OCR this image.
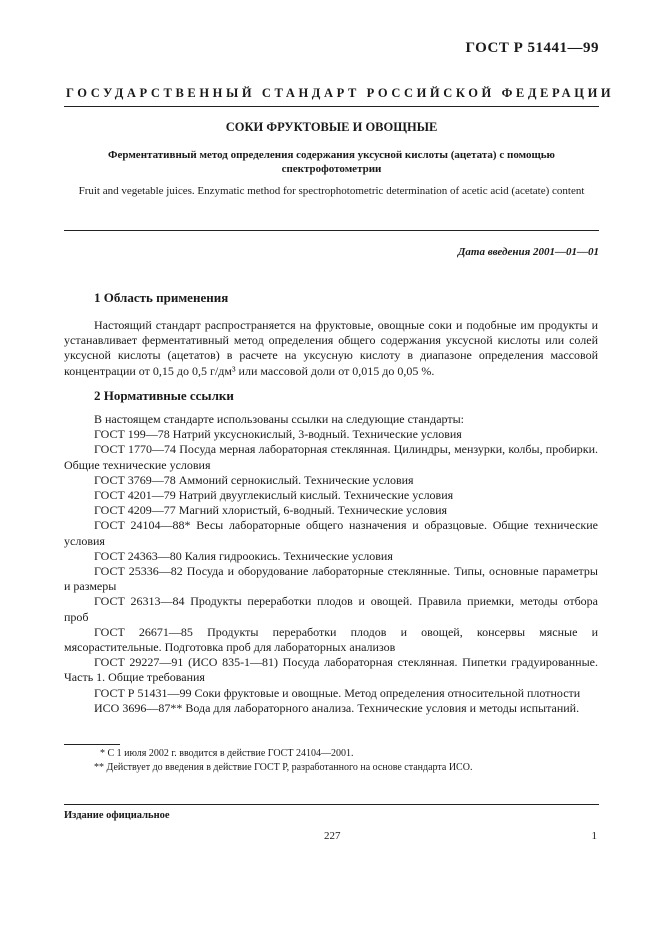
ГОСТ Р 51441—99
ГОСУДАРСТВЕННЫЙ СТАНДАРТ РОССИЙСКОЙ ФЕДЕРАЦИИ
СОКИ ФРУКТОВЫЕ И ОВОЩНЫЕ
Ферментативный метод определения содержания уксусной кислоты (ацетата) с помощью спектрофотометрии
Fruit and vegetable juices. Enzymatic method for spectrophotometric determination of acetic acid (acetate) content
Дата введения 2001—01—01
1 Область применения

Настоящий стандарт распространяется на фруктовые, овощные соки и подобные им продукты и устанавливает ферментативный метод определения общего содержания уксусной кислоты или солей уксусной кислоты (ацетатов) в расчете на уксусную кислоту в диапазоне определения массовой концентрации от 0,15 до 0,5 г/дм³ или массовой доли от 0,015 до 0,05 %.

2 Нормативные ссылки

В настоящем стандарте использованы ссылки на следующие стандарты:

ГОСТ 199—78 Натрий уксуснокислый, 3-водный. Технические условия

ГОСТ 1770—74 Посуда мерная лабораторная стеклянная. Цилиндры, мензурки, колбы, пробирки. Общие технические условия

ГОСТ 3769—78 Аммоний сернокислый. Технические условия

ГОСТ 4201—79 Натрий двууглекислый кислый. Технические условия

ГОСТ 4209—77 Магний хлористый, 6-водный. Технические условия

ГОСТ 24104—88* Весы лабораторные общего назначения и образцовые. Общие технические условия

ГОСТ 24363—80 Калия гидроокись. Технические условия

ГОСТ 25336—82 Посуда и оборудование лабораторные стеклянные. Типы, основные параметры и размеры

ГОСТ 26313—84 Продукты переработки плодов и овощей. Правила приемки, методы отбора проб

ГОСТ 26671—85 Продукты переработки плодов и овощей, консервы мясные и мясорастительные. Подготовка проб для лабораторных анализов

ГОСТ 29227—91 (ИСО 835-1—81) Посуда лабораторная стеклянная. Пипетки градуированные. Часть 1. Общие требования

ГОСТ Р 51431—99 Соки фруктовые и овощные. Метод определения относительной плотности

ИСО 3696—87** Вода для лабораторного анализа. Технические условия и методы испытаний.

* С 1 июля 2002 г. вводится в действие ГОСТ 24104—2001.
** Действует до введения в действие ГОСТ Р, разработанного на основе стандарта ИСО.
Издание официальное
227	1
